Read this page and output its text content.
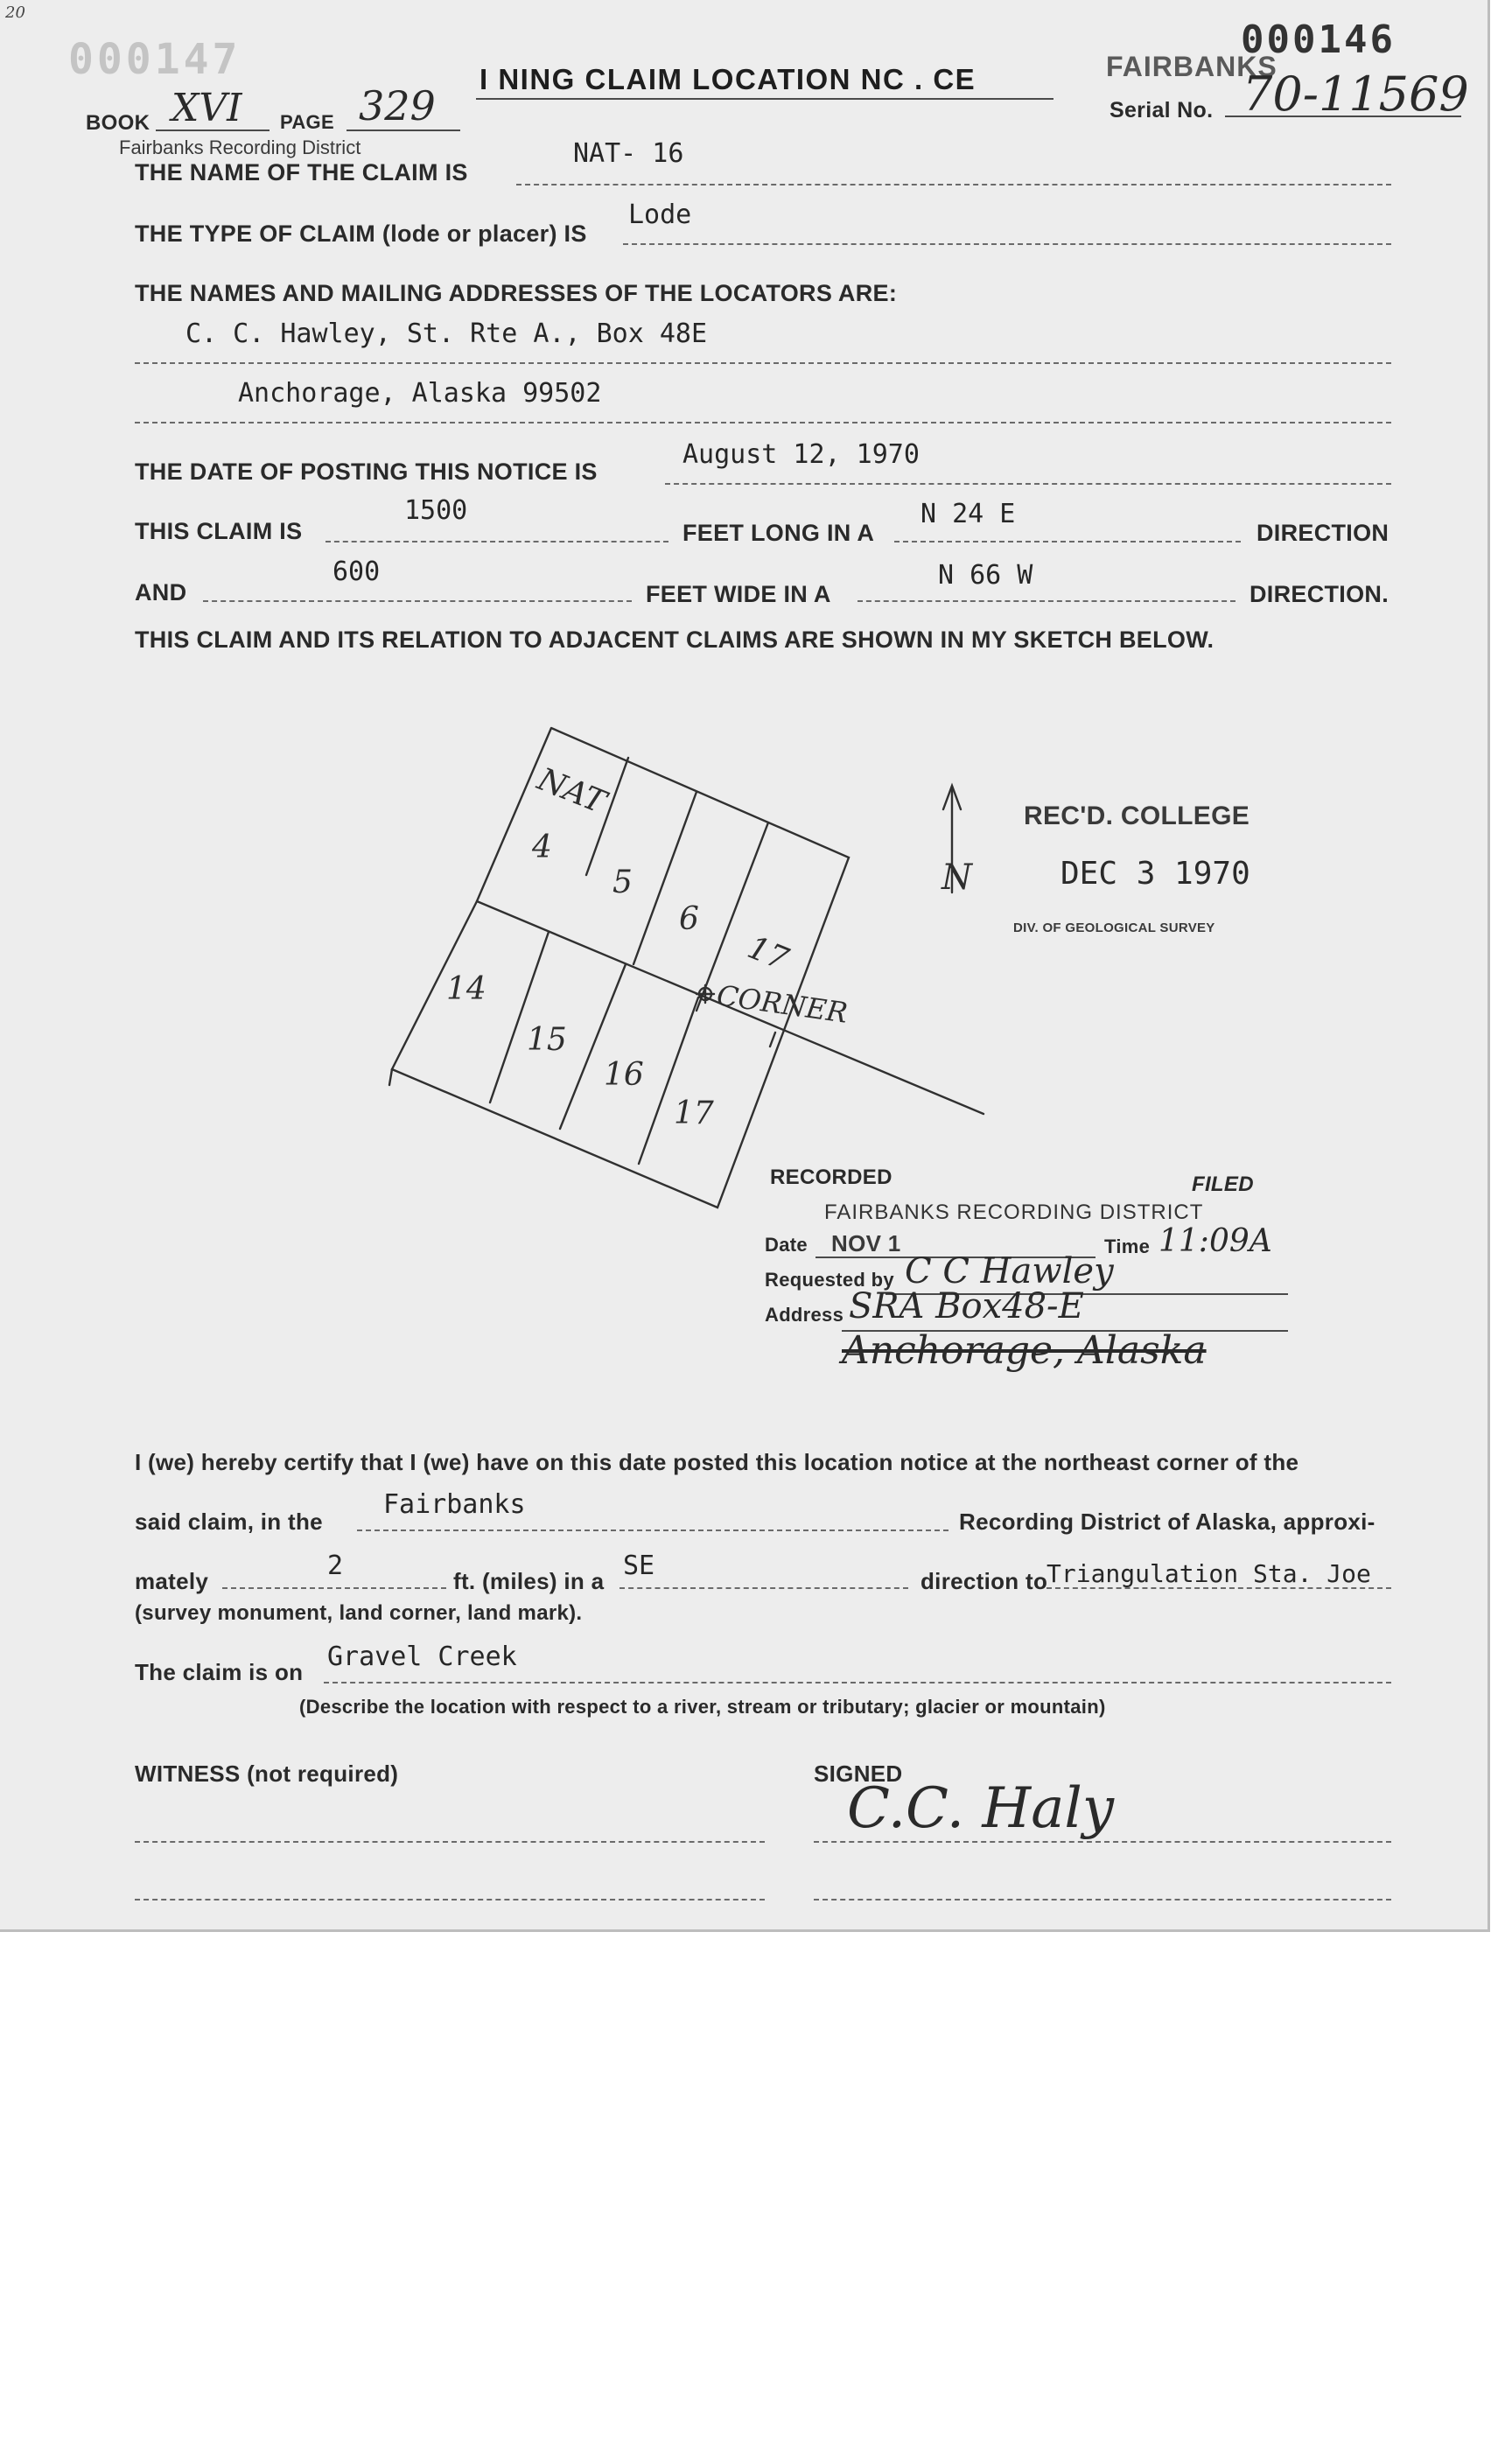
20
000147	I NING CLAIM LOCATION NC . CE
BOOK XVI PAGE 329
Fairbanks Recording District
FAIRBANKS
000146
Serial No. 70-11569
THE NAME OF THE CLAIM IS
NAT- 16
THE TYPE OF CLAIM (lode or placer) IS
Lode
THE NAMES AND MAILING ADDRESSES OF THE LOCATORS ARE:
C. C. Hawley, St. Rte A., Box 48E
Anchorage, Alaska 99502
THE DATE OF POSTING THIS NOTICE IS
August 12, 1970
THIS CLAIM IS
1500
FEET LONG IN A
N 24 E
DIRECTION
AND
600
FEET WIDE IN A
N 66 W
DIRECTION.
THIS CLAIM AND ITS RELATION TO ADJACENT CLAIMS ARE SHOWN IN MY SKETCH BELOW.
NAT
4
5
6
17
14
15
16
17
CORNER
N
REC'D. COLLEGE
DEC 3 1970
DIV. OF GEOLOGICAL SURVEY
RECORDED	FILED
FAIRBANKS RECORDING DISTRICT
Date NOV 1	Time 11:09A
Requested by C C Hawley
Address SRA Box48-E
Anchorage, Alaska
I (we) hereby certify that I (we) have on this date posted this location notice at the northeast corner of the
said claim, in the
Fairbanks
Recording District of Alaska, approxi-
mately	2	ft. (miles) in a SE	direction to
Triangulation Sta. Joe
(survey monument, land corner, land mark).
The claim is on Gravel Creek
(Describe the location with respect to a river, stream or tributary; glacier or mountain)
WITNESS (not required)	SIGNED
C.C. Haly
